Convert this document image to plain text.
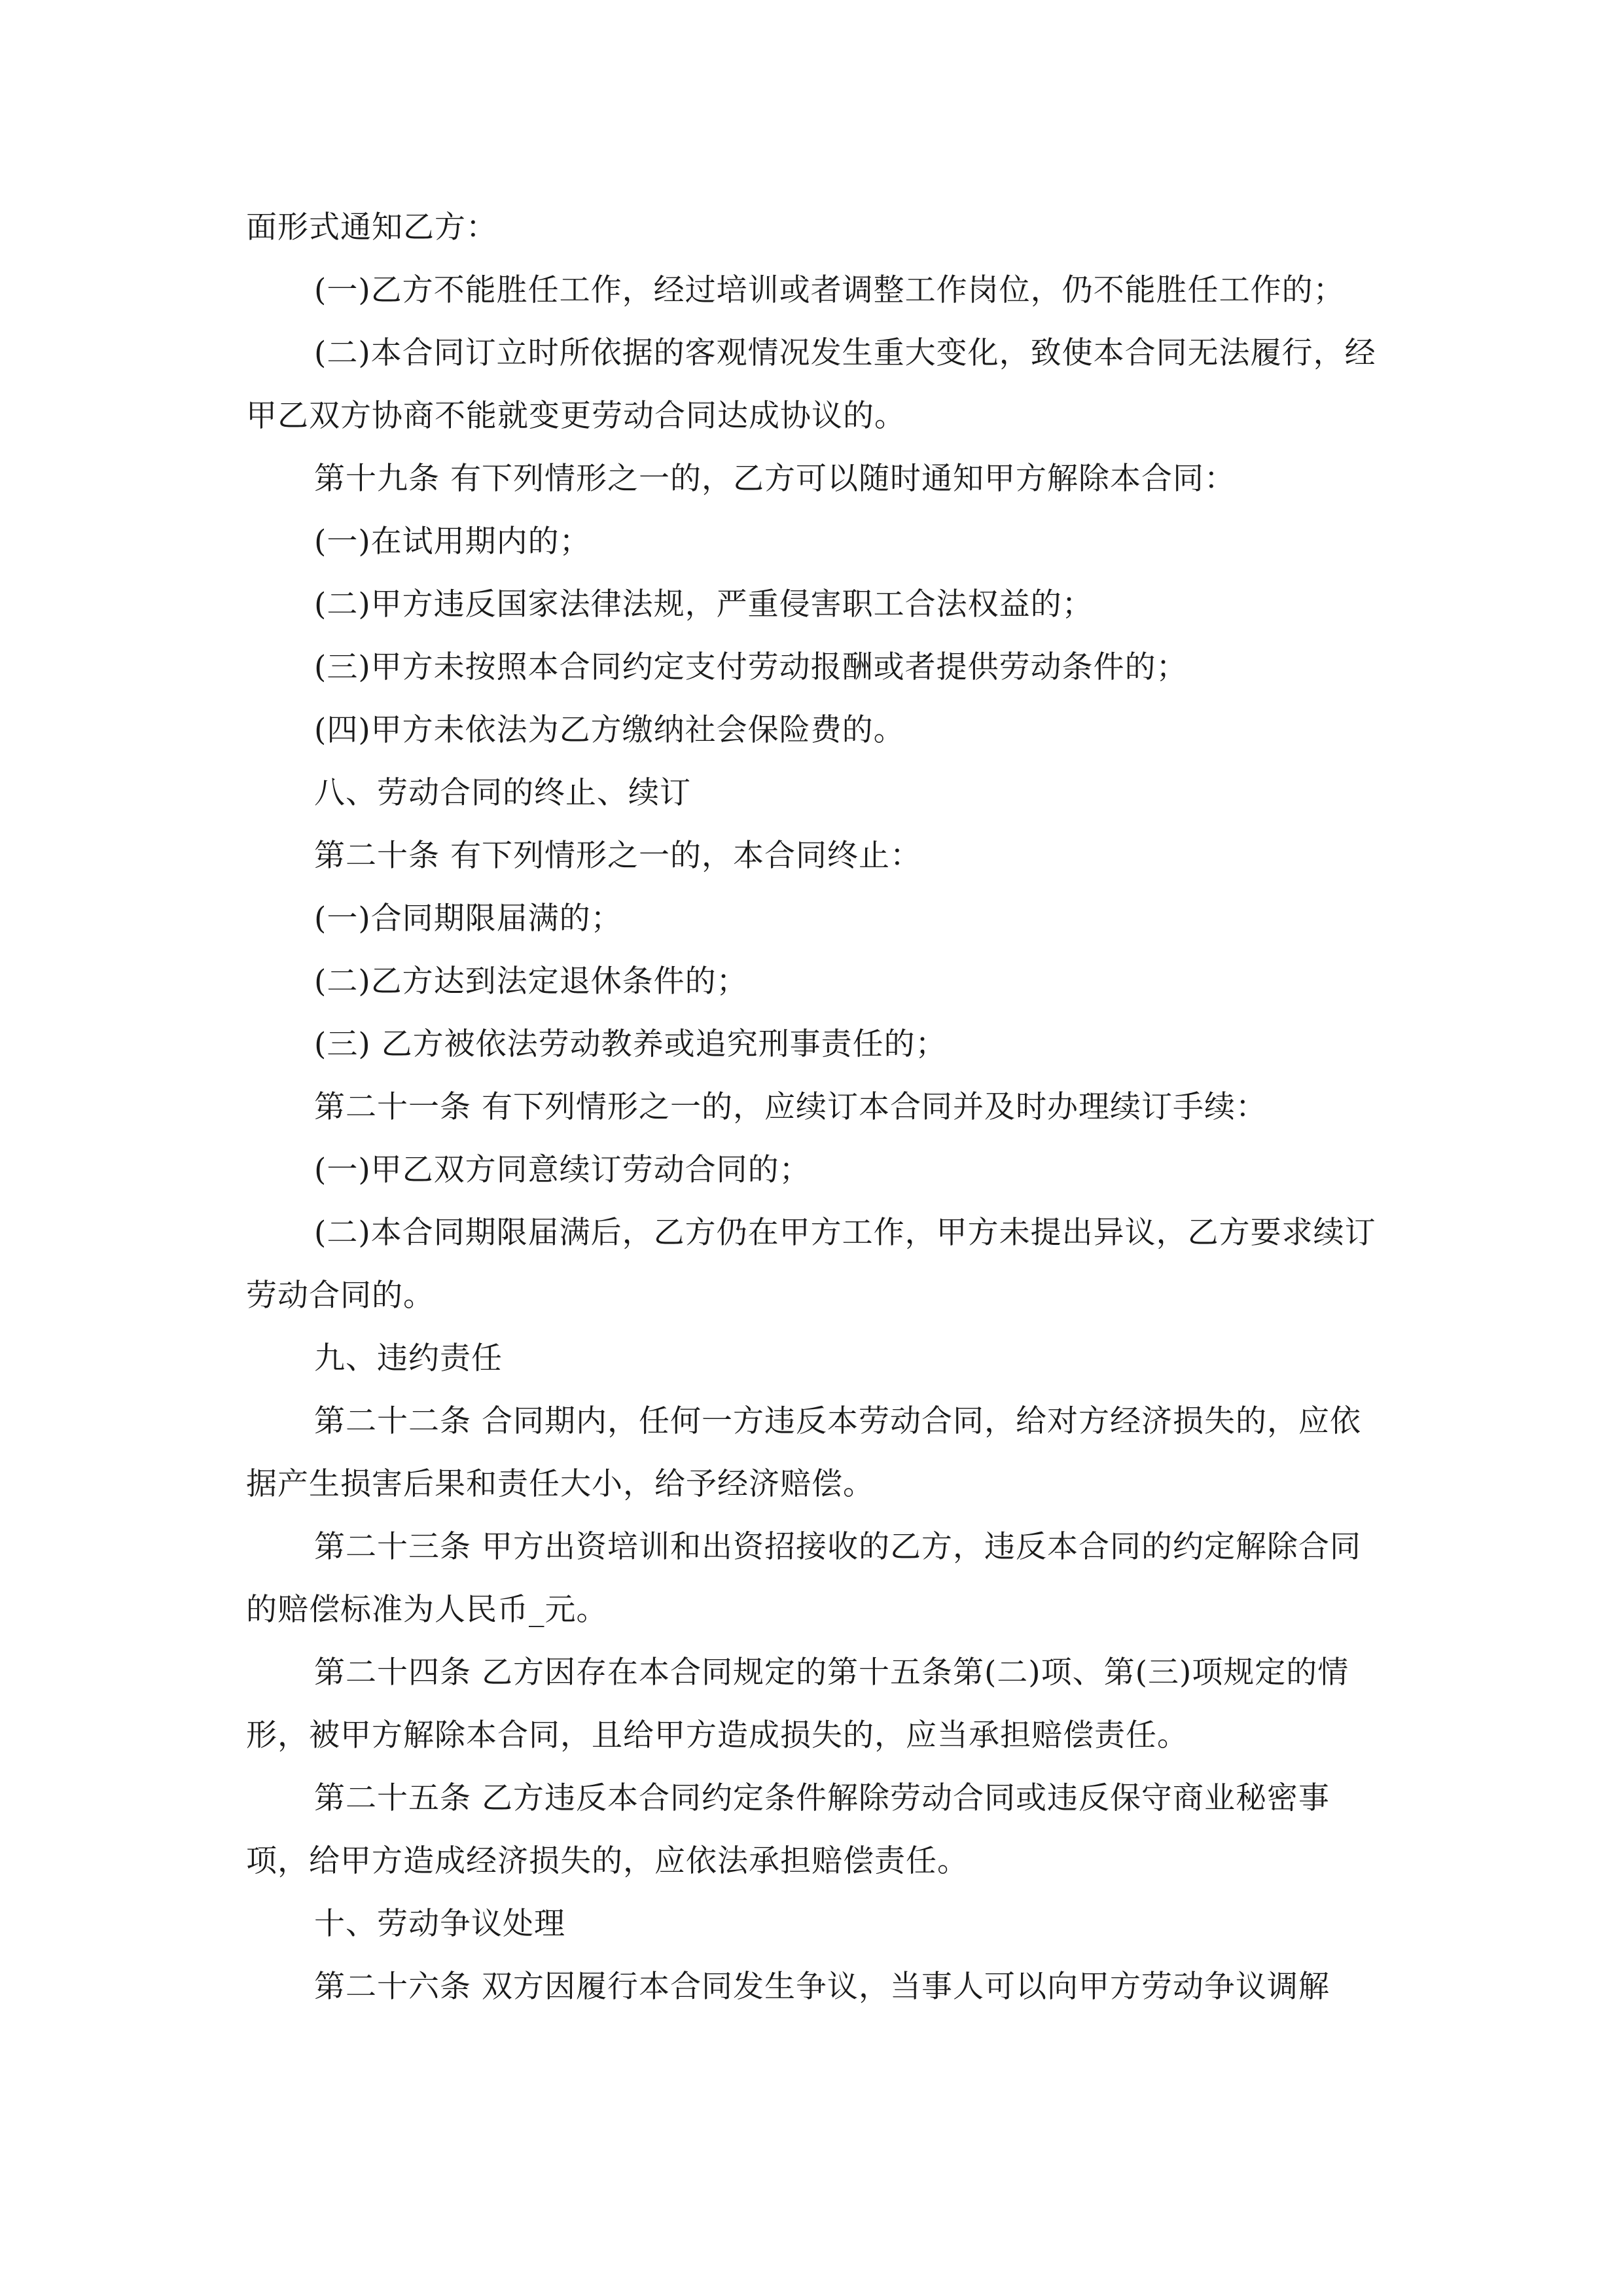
面形式通知乙方：

(一)乙方不能胜任工作，经过培训或者调整工作岗位，仍不能胜任工作的；

(二)本合同订立时所依据的客观情况发生重大变化，致使本合同无法履行，经甲乙双方协商不能就变更劳动合同达成协议的。

第十九条 有下列情形之一的，乙方可以随时通知甲方解除本合同：

(一)在试用期内的；

(二)甲方违反国家法律法规，严重侵害职工合法权益的；

(三)甲方未按照本合同约定支付劳动报酬或者提供劳动条件的；

(四)甲方未依法为乙方缴纳社会保险费的。

八、劳动合同的终止、续订

第二十条 有下列情形之一的，本合同终止：

(一)合同期限届满的；

(二)乙方达到法定退休条件的；

(三) 乙方被依法劳动教养或追究刑事责任的；

第二十一条 有下列情形之一的，应续订本合同并及时办理续订手续：

(一)甲乙双方同意续订劳动合同的；

(二)本合同期限届满后，乙方仍在甲方工作，甲方未提出异议，乙方要求续订劳动合同的。

九、违约责任

第二十二条 合同期内，任何一方违反本劳动合同，给对方经济损失的，应依据产生损害后果和责任大小，给予经济赔偿。

第二十三条 甲方出资培训和出资招接收的乙方，违反本合同的约定解除合同的赔偿标准为人民币_元。

第二十四条 乙方因存在本合同规定的第十五条第(二)项、第(三)项规定的情形，被甲方解除本合同，且给甲方造成损失的，应当承担赔偿责任。

第二十五条 乙方违反本合同约定条件解除劳动合同或违反保守商业秘密事项，给甲方造成经济损失的，应依法承担赔偿责任。

十、劳动争议处理

第二十六条 双方因履行本合同发生争议，当事人可以向甲方劳动争议调解
